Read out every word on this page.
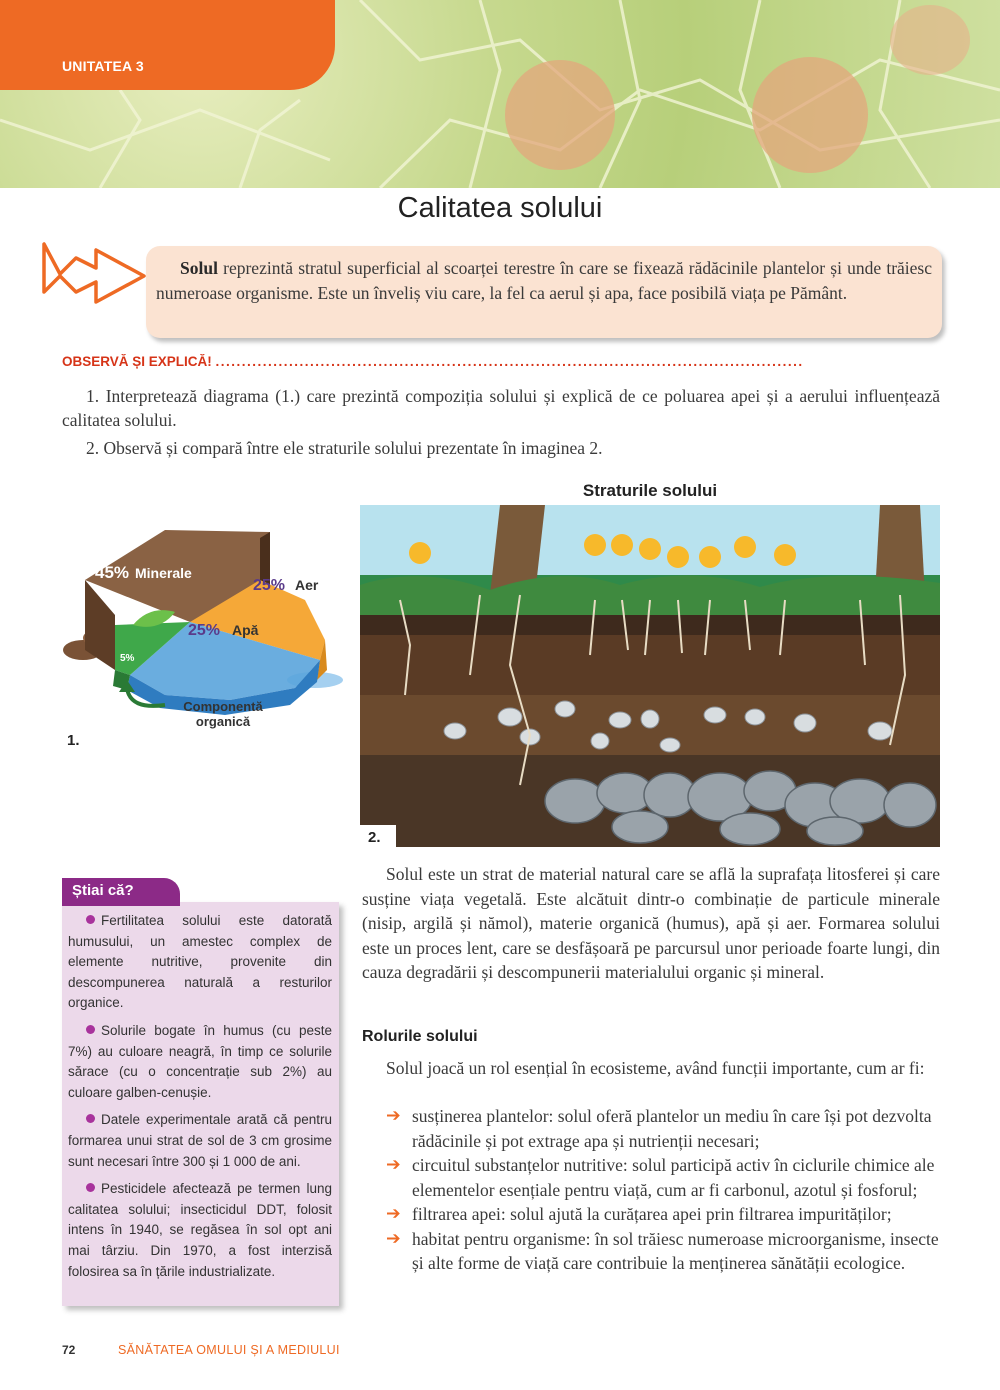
UNITATEA 3
Calitatea solului
Solul reprezintă stratul superficial al scoarței terestre în care se fixează rădăcinile plantelor și unde trăiesc numeroase organisme. Este un înveliș viu care, la fel ca aerul și apa, face posibilă viața pe Pământ.
OBSERVĂ ȘI EXPLICĂ! ................................................................................................................
1. Interpretează diagrama (1.) care prezintă compoziția solului și explică de ce poluarea apei și a aerului influențează calitatea solului.
2. Observă și compară între ele straturile solului prezentate în imaginea 2.
45% Minerale
25% Aer
25% Apă
5%
Componentă
organică
1.
Straturile solului
2.
Solul este un strat de material natural care se află la suprafața litosferei și care susține viața vegetală. Este alcătuit dintr-o combinație de particule minerale (nisip, argilă și nămol), materie organică (humus), apă și aer. Formarea solului este un proces lent, care se desfășoară pe parcursul unor perioade foarte lungi, din cauza degradării și descompunerii materialului organic și mineral.
Rolurile solului
Solul joacă un rol esențial în ecosisteme, având funcții importante, cum ar fi:
➔ susținerea plantelor: solul oferă plantelor un mediu în care își pot dezvolta rădăcinile și pot extrage apa și nutrienții necesari;
➔ circuitul substanțelor nutritive: solul participă activ în ciclurile chimice ale elementelor esențiale pentru viață, cum ar fi carbonul, azotul și fosforul;
➔ filtrarea apei: solul ajută la curățarea apei prin filtrarea impurităților;
➔ habitat pentru organisme: în sol trăiesc numeroase microorganisme, insecte și alte forme de viață care contribuie la menținerea sănătății ecologice.
Știai că?

Fertilitatea solului este datorată humusului, un amestec complex de elemente nutritive, provenite din descompunerea naturală a resturilor organice.

Solurile bogate în humus (cu peste 7%) au culoare neagră, în timp ce solurile sărace (cu o concentrație sub 2%) au culoare galben-cenușie.

Datele experimentale arată că pentru formarea unui strat de sol de 3 cm grosime sunt necesari între 300 și 1 000 de ani.

Pesticidele afectează pe termen lung calitatea solului; insecticidul DDT, folosit intens în 1940, se regăsea în sol opt ani mai târziu. Din 1970, a fost interzisă folosirea sa în țările industrializate.

72	SĂNĂTATEA OMULUI ȘI A MEDIULUI
